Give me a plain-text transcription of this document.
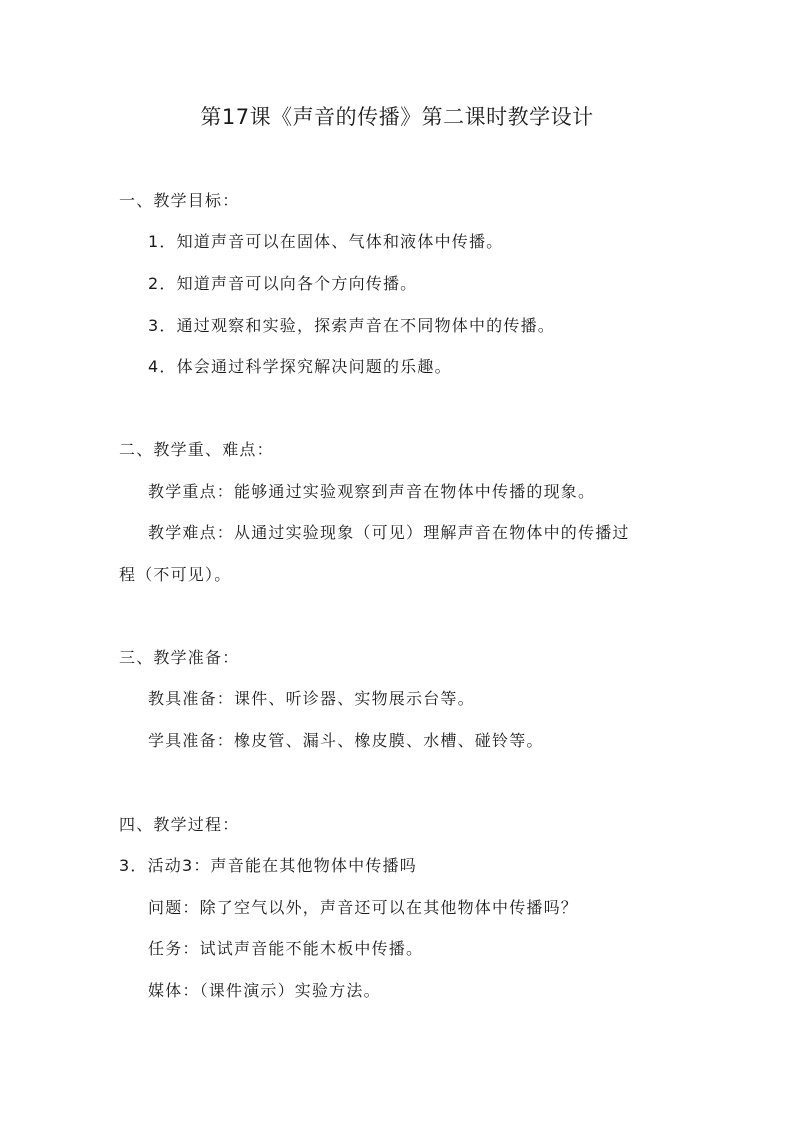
第17课《声音的传播》第二课时教学设计
一、教学目标：
1．知道声音可以在固体、气体和液体中传播。
2．知道声音可以向各个方向传播。
3．通过观察和实验，探索声音在不同物体中的传播。
4．体会通过科学探究解决问题的乐趣。
二、教学重、难点：
教学重点：能够通过实验观察到声音在物体中传播的现象。
教学难点：从通过实验现象（可见）理解声音在物体中的传播过
程（不可见）。
三、教学准备：
教具准备：课件、听诊器、实物展示台等。
学具准备：橡皮管、漏斗、橡皮膜、水槽、碰铃等。
四、教学过程：
3．活动3：声音能在其他物体中传播吗
问题：除了空气以外，声音还可以在其他物体中传播吗？
任务：试试声音能不能木板中传播。
媒体：（课件演示）实验方法。
